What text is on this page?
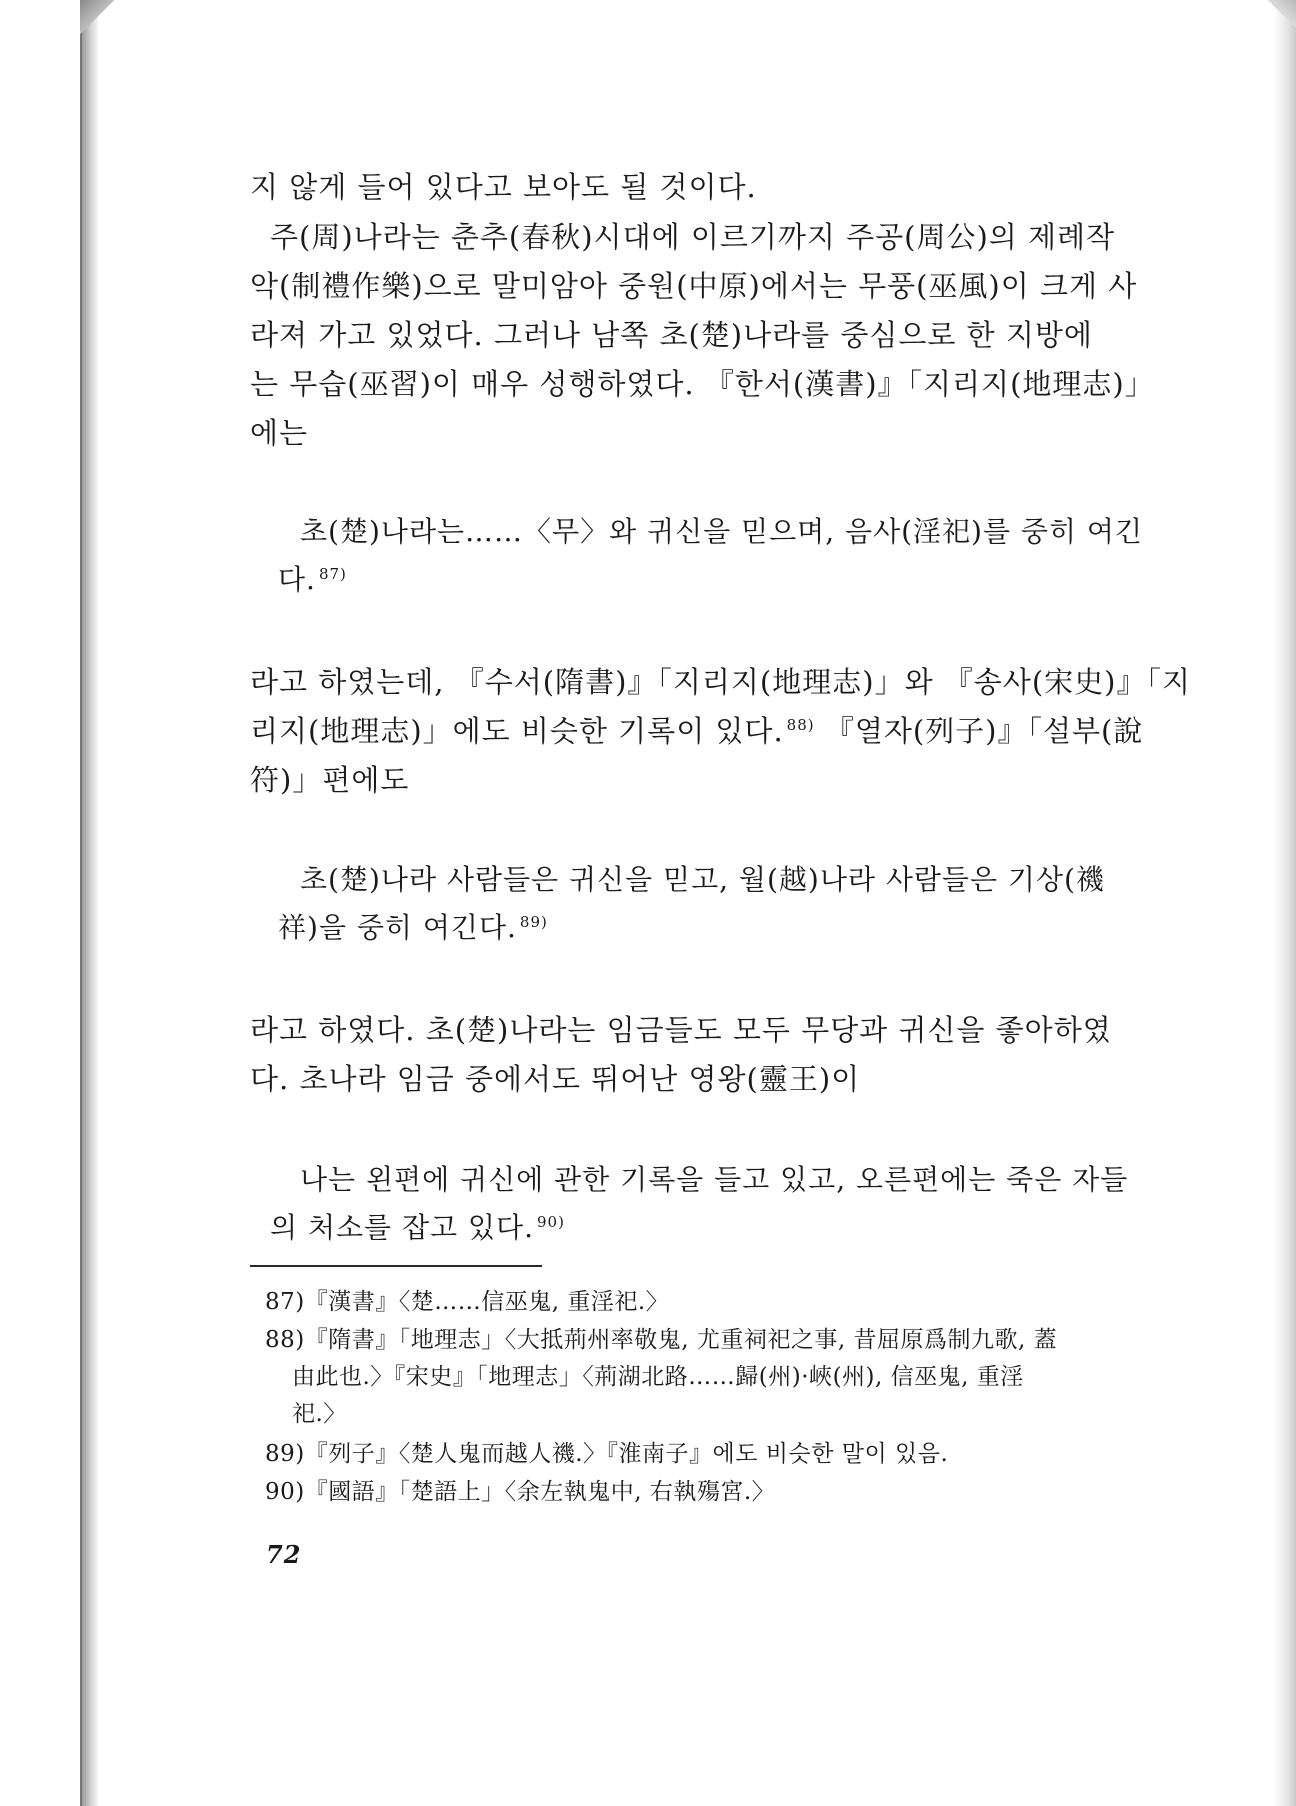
지 않게 들어 있다고 보아도 될 것이다.
주(周)나라는 춘추(春秋)시대에 이르기까지 주공(周公)의 제례작
악(制禮作樂)으로 말미암아 중원(中原)에서는 무풍(巫風)이 크게 사
라져 가고 있었다. 그러나 남쪽 초(楚)나라를 중심으로 한 지방에
는 무습(巫習)이 매우 성행하였다. 『한서(漢書)』「지리지(地理志)」
에는
초(楚)나라는……〈무〉와 귀신을 믿으며, 음사(淫祀)를 중히 여긴
다. $^{87)}$
라고 하였는데, 『수서(隋書)』「지리지(地理志)」와 『송사(宋史)』「지
리지(地理志)」에도 비슷한 기록이 있다. $^{88)}$ 『열자(列子)』「설부(說
符)」편에도
초(楚)나라 사람들은 귀신을 믿고, 월(越)나라 사람들은 기상(禨
祥)을 중히 여긴다. $^{89)}$
라고 하였다. 초(楚)나라는 임금들도 모두 무당과 귀신을 좋아하였
다. 초나라 임금 중에서도 뛰어난 영왕(靈王)이
나는 왼편에 귀신에 관한 기록을 들고 있고, 오른편에는 죽은 자들
의 처소를 잡고 있다. $^{90)}$
87)『漢書』〈楚……信巫鬼, 重淫祀.〉
88)『隋書』「地理志」〈大抵荊州率敬鬼, 尤重祠祀之事, 昔屈原爲制九歌, 蓋
由此也.〉『宋史』「地理志」〈荊湖北路……歸(州)·峽(州), 信巫鬼, 重淫
祀.〉
89)『列子』〈楚人鬼而越人禨.〉『淮南子』에도 비슷한 말이 있음.
90)『國語』「楚語上」〈余左執鬼中, 右執殤宮.〉
72
